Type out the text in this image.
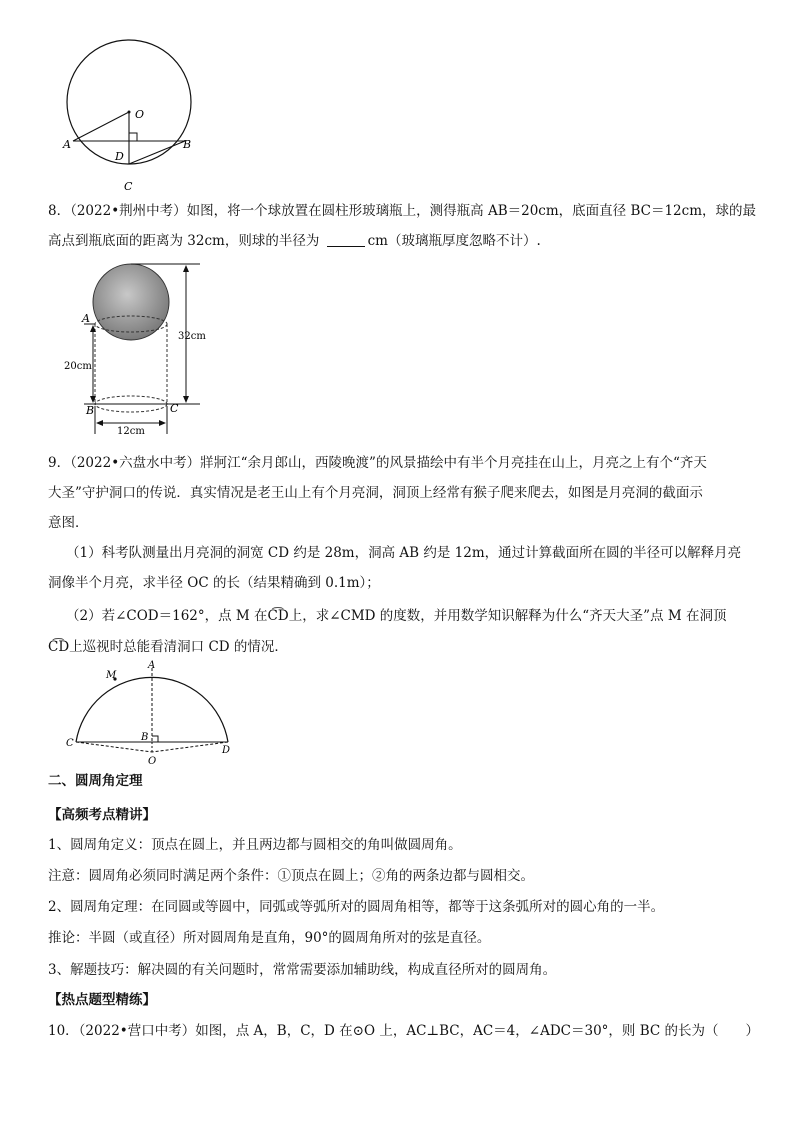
O
A	B
D
C
8．（2022•荆州中考）如图，将一个球放置在圆柱形玻璃瓶上，测得瓶高 AB＝20cm，底面直径 BC＝12cm，球的最
高点到瓶底面的距离为 32cm，则球的半径为	cm（玻璃瓶厚度忽略不计）.
A
B	C
20cm
32cm
12cm
9．（2022•六盘水中考）牂牁江“余月郎山，西陵晚渡”的风景描绘中有半个月亮挂在山上，月亮之上有个“齐天
大圣”守护洞口的传说．真实情况是老王山上有个月亮洞，洞顶上经常有猴子爬来爬去，如图是月亮洞的截面示
意图．
（1）科考队测量出月亮洞的洞宽 CD 约是 28m，洞高 AB 约是 12m，通过计算截面所在圆的半径可以解释月亮
洞像半个月亮，求半径 OC 的长（结果精确到 0.1m）；
（2）若∠COD＝162°，点 M 在C͡D上，求∠CMD 的度数，并用数学知识解释为什么“齐天大圣”点 M 在洞顶
C͡D上巡视时总能看清洞口 CD 的情况．
M
A
B
C
D
O
二、圆周角定理
【高频考点精讲】
1、圆周角定义：顶点在圆上，并且两边都与圆相交的角叫做圆周角。
注意：圆周角必须同时满足两个条件：①顶点在圆上；②角的两条边都与圆相交。
2、圆周角定理：在同圆或等圆中，同弧或等弧所对的圆周角相等，都等于这条弧所对的圆心角的一半。
推论：半圆（或直径）所对圆周角是直角，90°的圆周角所对的弦是直径。
3、解题技巧：解决圆的有关问题时，常常需要添加辅助线，构成直径所对的圆周角。
【热点题型精练】
10．（2022•营口中考）如图，点 A，B，C，D 在⊙O 上，AC⊥BC，AC＝4，∠ADC＝30°，则 BC 的长为（　　）
